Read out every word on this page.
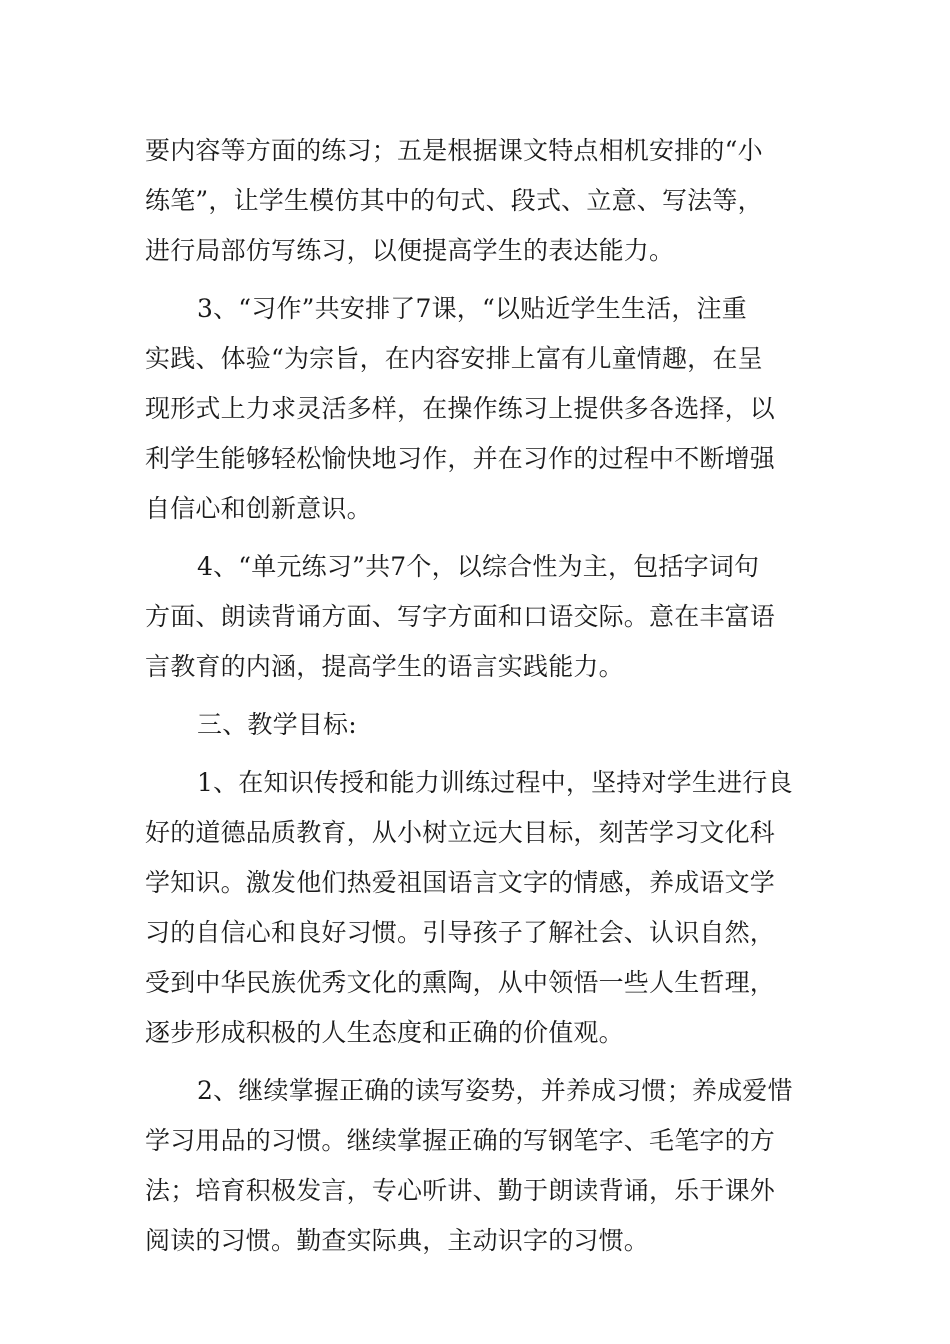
要内容等方面的练习；五是根据课文特点相机安排的“小
练笔”，让学生模仿其中的句式、段式、立意、写法等，
进行局部仿写练习，以便提高学生的表达能力。
3、“习作”共安排了7课，“以贴近学生生活，注重
实践、体验“为宗旨，在内容安排上富有儿童情趣，在呈
现形式上力求灵活多样，在操作练习上提供多各选择，以
利学生能够轻松愉快地习作，并在习作的过程中不断增强
自信心和创新意识。
4、“单元练习”共7个，以综合性为主，包括字词句
方面、朗读背诵方面、写字方面和口语交际。意在丰富语
言教育的内涵，提高学生的语言实践能力。
三、教学目标:
1、在知识传授和能力训练过程中，坚持对学生进行良
好的道德品质教育，从小树立远大目标，刻苦学习文化科
学知识。激发他们热爱祖国语言文字的情感，养成语文学
习的自信心和良好习惯。引导孩子了解社会、认识自然，
受到中华民族优秀文化的熏陶，从中领悟一些人生哲理，
逐步形成积极的人生态度和正确的价值观。
2、继续掌握正确的读写姿势，并养成习惯；养成爱惜
学习用品的习惯。继续掌握正确的写钢笔字、毛笔字的方
法；培育积极发言，专心听讲、勤于朗读背诵，乐于课外
阅读的习惯。勤查实际典，主动识字的习惯。
